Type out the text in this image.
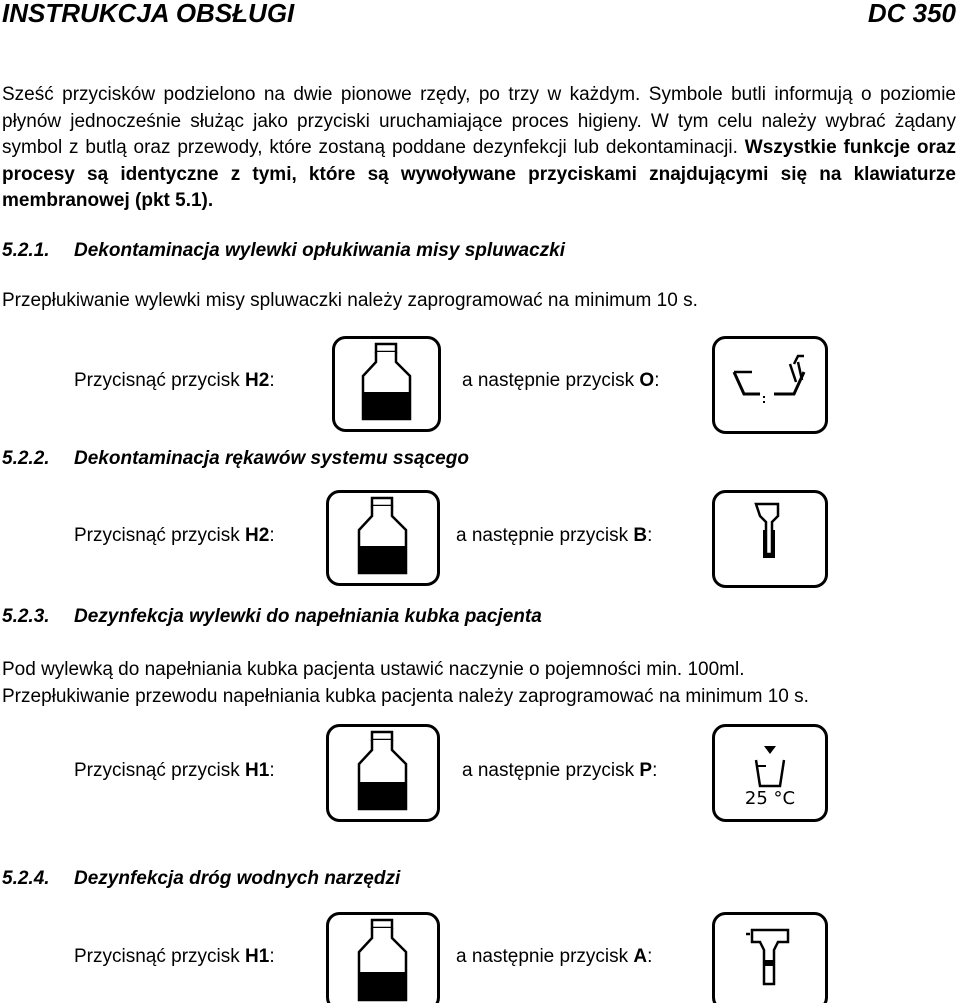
INSTRUKCJA OBSŁUGI	DC 350
Sześć przycisków podzielono na dwie pionowe rzędy, po trzy w każdym. Symbole butli informują o poziomie płynów jednocześnie służąc jako przyciski uruchamiające proces higieny. W tym celu należy wybrać żądany symbol z butlą oraz przewody, które zostaną poddane dezynfekcji lub dekontaminacji. Wszystkie funkcje oraz procesy są identyczne z tymi, które są wywoływane przyciskami znajdującymi się na klawiaturze membranowej (pkt 5.1).
5.2.1. Dekontaminacja wylewki opłukiwania misy spluwaczki
Przepłukiwanie wylewki misy spluwaczki należy zaprogramować na minimum 10 s.
Przycisnąć przycisk H2:	a następnie przycisk O:
5.2.2. Dekontaminacja rękawów systemu ssącego
Przycisnąć przycisk H2:	a następnie przycisk B:
5.2.3. Dezynfekcja wylewki do napełniania kubka pacjenta
Pod wylewką do napełniania kubka pacjenta ustawić naczynie o pojemności min. 100ml.
Przepłukiwanie przewodu napełniania kubka pacjenta należy zaprogramować na minimum 10 s.
Przycisnąć przycisk H1:	a następnie przycisk P:
25 °C
5.2.4. Dezynfekcja dróg wodnych narzędzi
Przycisnąć przycisk H1:	a następnie przycisk A:
